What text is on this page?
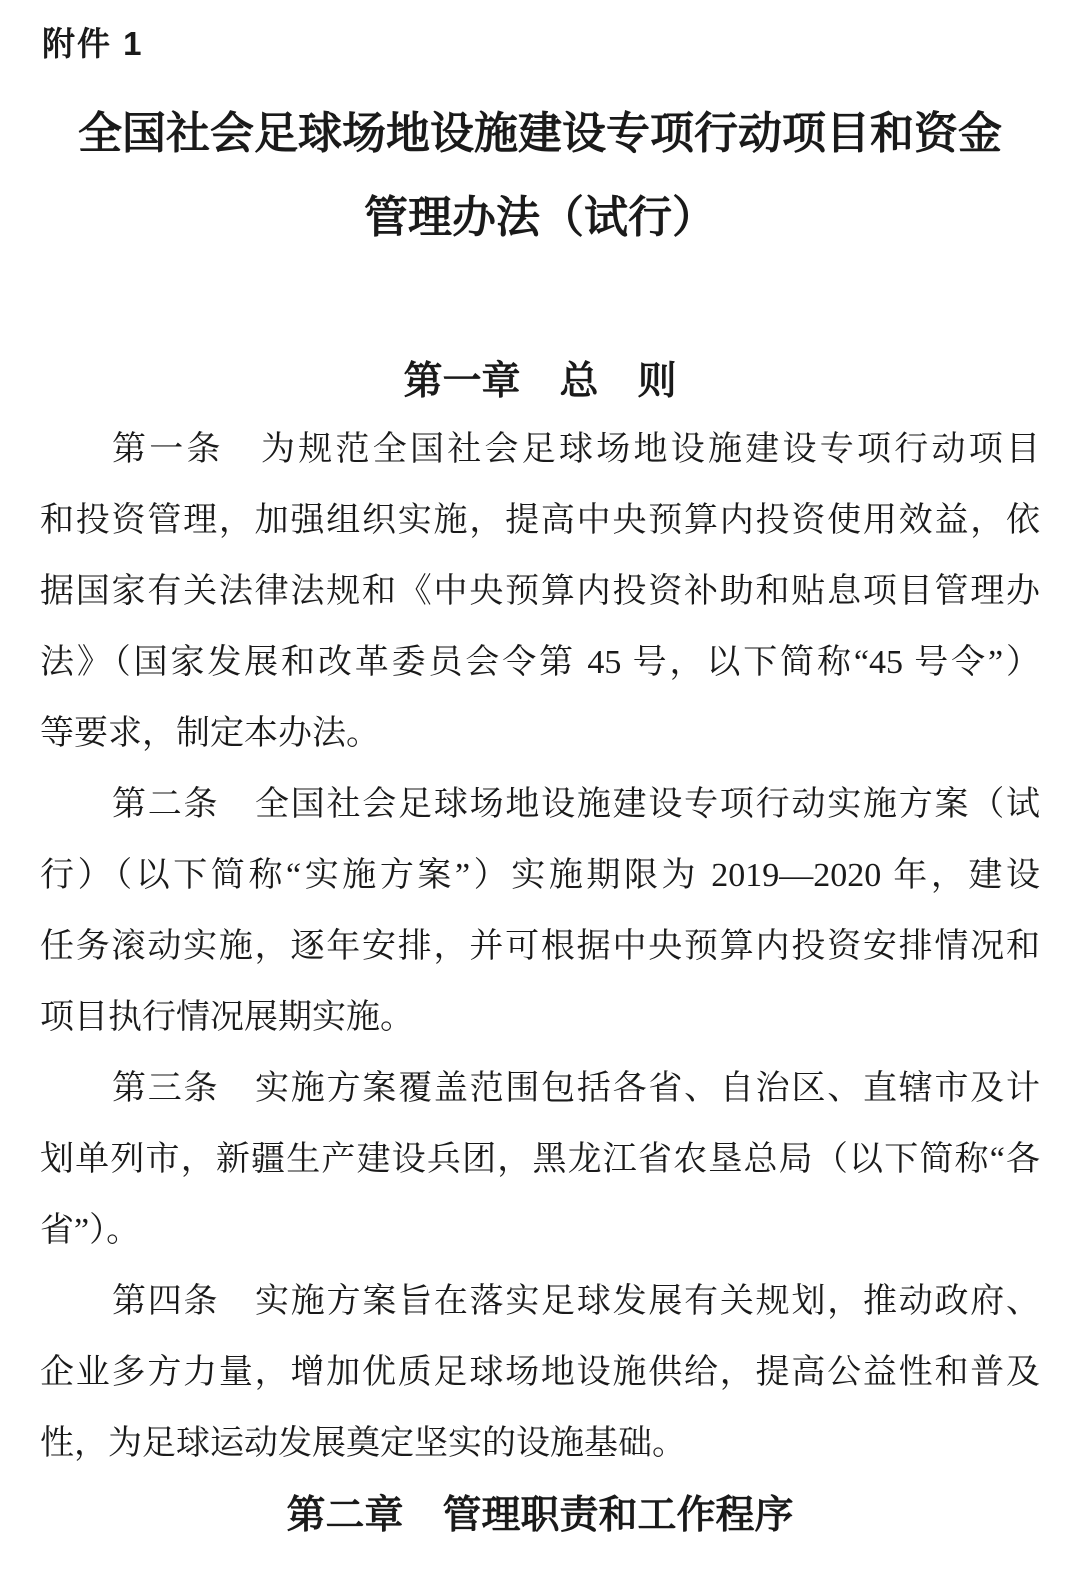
附件 1
全国社会足球场地设施建设专项行动项目和资金
管理办法（试行）
第一章　总　则

第一条　为规范全国社会足球场地设施建设专项行动项目

和投资管理，加强组织实施，提高中央预算内投资使用效益，依

据国家有关法律法规和《中央预算内投资补助和贴息项目管理办

法》（国家发展和改革委员会令第 45 号，以下简称“45 号令”）

等要求，制定本办法。

第二条　全国社会足球场地设施建设专项行动实施方案（试

行）（以下简称“实施方案”）实施期限为 2019—2020 年，建设

任务滚动实施，逐年安排，并可根据中央预算内投资安排情况和

项目执行情况展期实施。

第三条　实施方案覆盖范围包括各省、自治区、直辖市及计

划单列市，新疆生产建设兵团，黑龙江省农垦总局（以下简称“各

省”）。

第四条　实施方案旨在落实足球发展有关规划，推动政府、

企业多方力量，增加优质足球场地设施供给，提高公益性和普及

性，为足球运动发展奠定坚实的设施基础。

第二章　管理职责和工作程序
